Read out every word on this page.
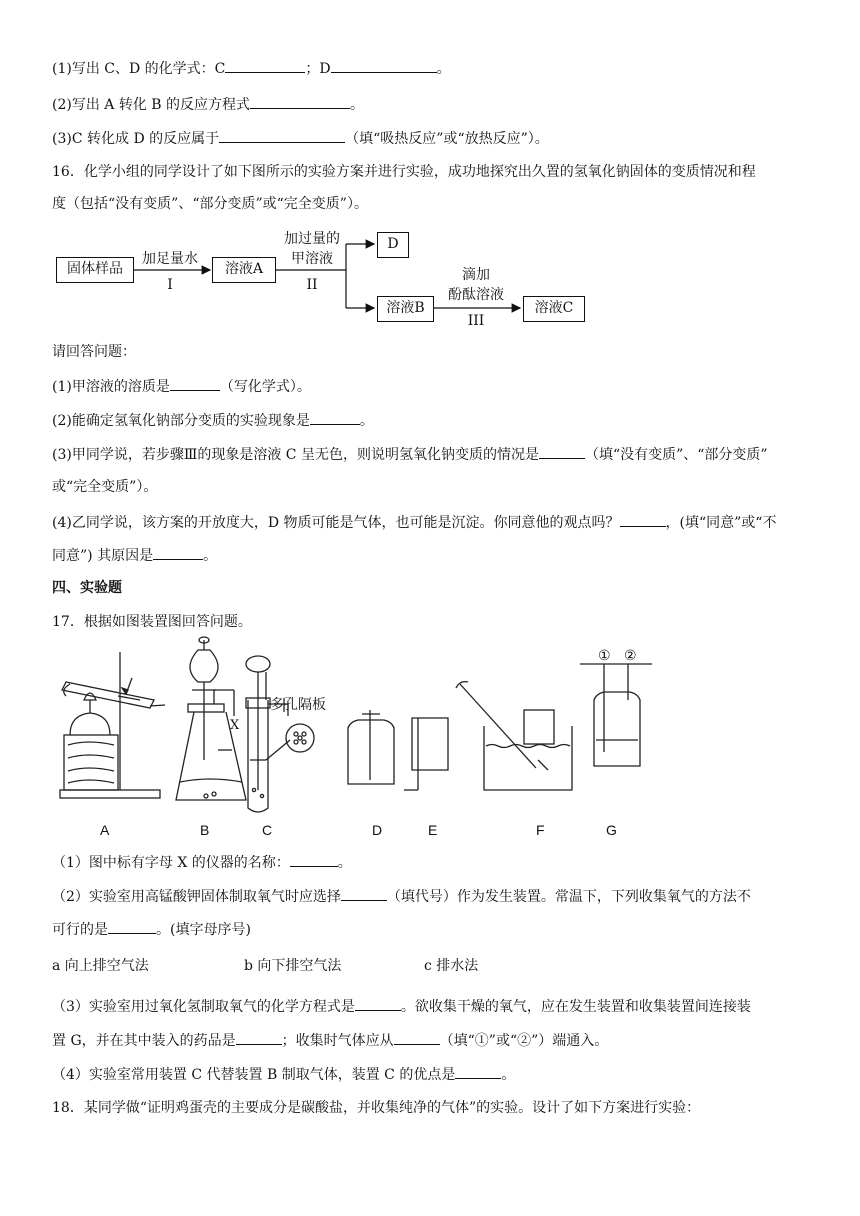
(1)写出 C、D 的化学式：C	；D	。
(2)写出 A 转化 B 的反应方程式	。
(3)C 转化成 D 的反应属于	（填“吸热反应”或“放热反应”）。
16．化学小组的同学设计了如下图所示的实验方案并进行实验，成功地探究出久置的氢氧化钠固体的变质情况和程
度（包括“没有变质”、“部分变质”或“完全变质”）。
固体样品
加足量水
I
溶液A
加过量的
甲溶液
II
D
溶液B
滴加
酚酞溶液
III
溶液C
请回答问题：
(1)甲溶液的溶质是	（写化学式）。
(2)能确定氢氧化钠部分变质的实验现象是	。
(3)甲同学说，若步骤Ⅲ的现象是溶液 C 呈无色，则说明氢氧化钠变质的情况是	（填“没有变质”、“部分变质”
或“完全变质”）。
(4)乙同学说，该方案的开放度大，D 物质可能是气体，也可能是沉淀。你同意他的观点吗？	，(填“同意”或“不
同意”) 其原因是	。
四、实验题
17．根据如图装置图回答问题。
X
多孔隔板
① ②
A	B	C	D	E	F	G
（1）图中标有字母 X 的仪器的名称：	。
（2）实验室用高锰酸钾固体制取氧气时应选择	（填代号）作为发生装置。常温下，下列收集氧气的方法不
可行的是	。(填字母序号)
a 向上排空气法	b 向下排空气法	c 排水法
（3）实验室用过氧化氢制取氧气的化学方程式是	。欲收集干燥的氧气，应在发生装置和收集装置间连接装
置 G，并在其中装入的药品是	；收集时气体应从	（填“①”或“②”）端通入。
（4）实验室常用装置 C 代替装置 B 制取气体，装置 C 的优点是	。
18．某同学做“证明鸡蛋壳的主要成分是碳酸盐，并收集纯净的气体”的实验。设计了如下方案进行实验：
